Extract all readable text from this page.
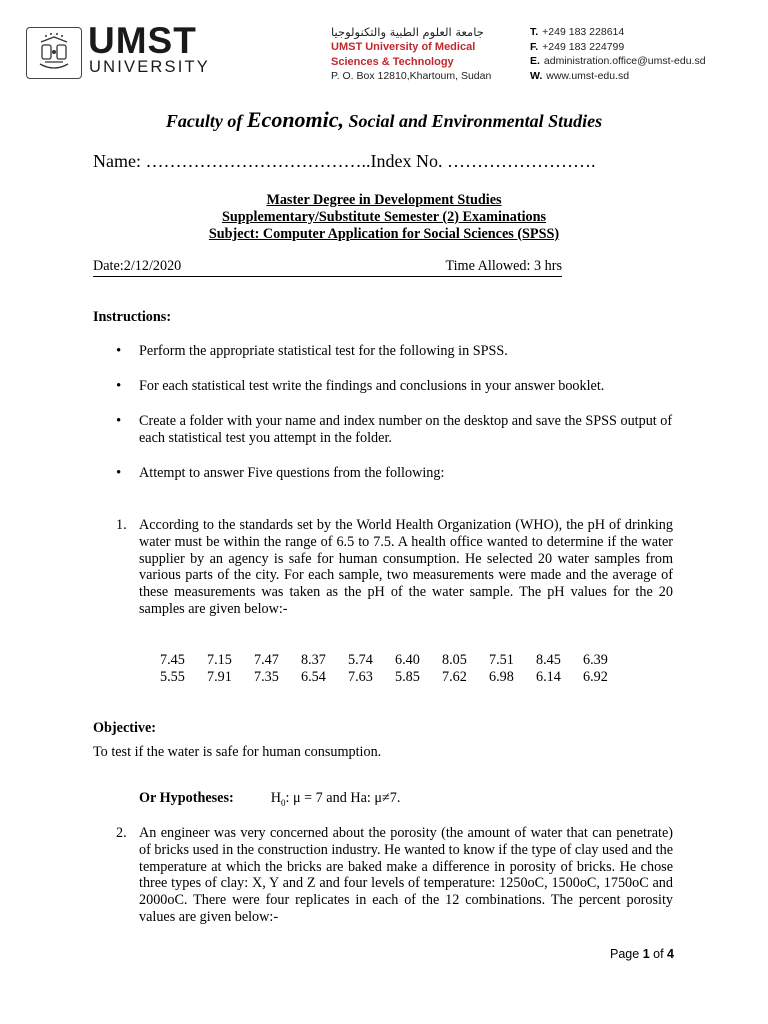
UMST
UNIVERSITY
جامعة العلوم الطبية والتكنولوجيا
UMST University of Medical
Sciences & Technology
P. O. Box 12810,Khartoum, Sudan
T. +249 183 228614
F. +249 183 224799
E. administration.office@umst-edu.sd
W. www.umst-edu.sd
Faculty of Economic, Social and Environmental Studies
Name: ………………………………..Index No. …………………….
Master Degree in Development Studies
Supplementary/Substitute Semester (2) Examinations
Subject: Computer Application for Social Sciences (SPSS)
Date:2/12/2020	Time Allowed: 3 hrs
Instructions:
• Perform the appropriate statistical test for the following in SPSS.
• For each statistical test write the findings and conclusions in your answer booklet.
• Create a folder with your name and index number on the desktop and save the SPSS output of each statistical test you attempt in the folder.
• Attempt to answer Five questions from the following:
1. According to the standards set by the World Health Organization (WHO), the pH of drinking water must be within the range of 6.5 to 7.5. A health office wanted to determine if the water supplier by an agency is safe for human consumption. He selected 20 water samples from various parts of the city. For each sample, two measurements were made and the average of these measurements was taken as the pH of the water sample. The pH values for the 20 samples are given below:-
7.45	7.15	7.47	8.37	5.74	6.40	8.05	7.51	8.45	6.39
5.55	7.91	7.35	6.54	7.63	5.85	7.62	6.98	6.14	6.92
Objective:
To test if the water is safe for human consumption.
Or Hypotheses:	$H_0$: μ = 7 and Ha: μ≠7.
2. An engineer was very concerned about the porosity (the amount of water that can penetrate) of bricks used in the construction industry. He wanted to know if the type of clay used and the temperature at which the bricks are baked make a difference in porosity of bricks. He chose three types of clay: X, Y and Z and four levels of temperature: 1250oC, 1500oC, 1750oC and 2000oC. There were four replicates in each of the 12 combinations. The percent porosity values are given below:-
Page 1 of 4
